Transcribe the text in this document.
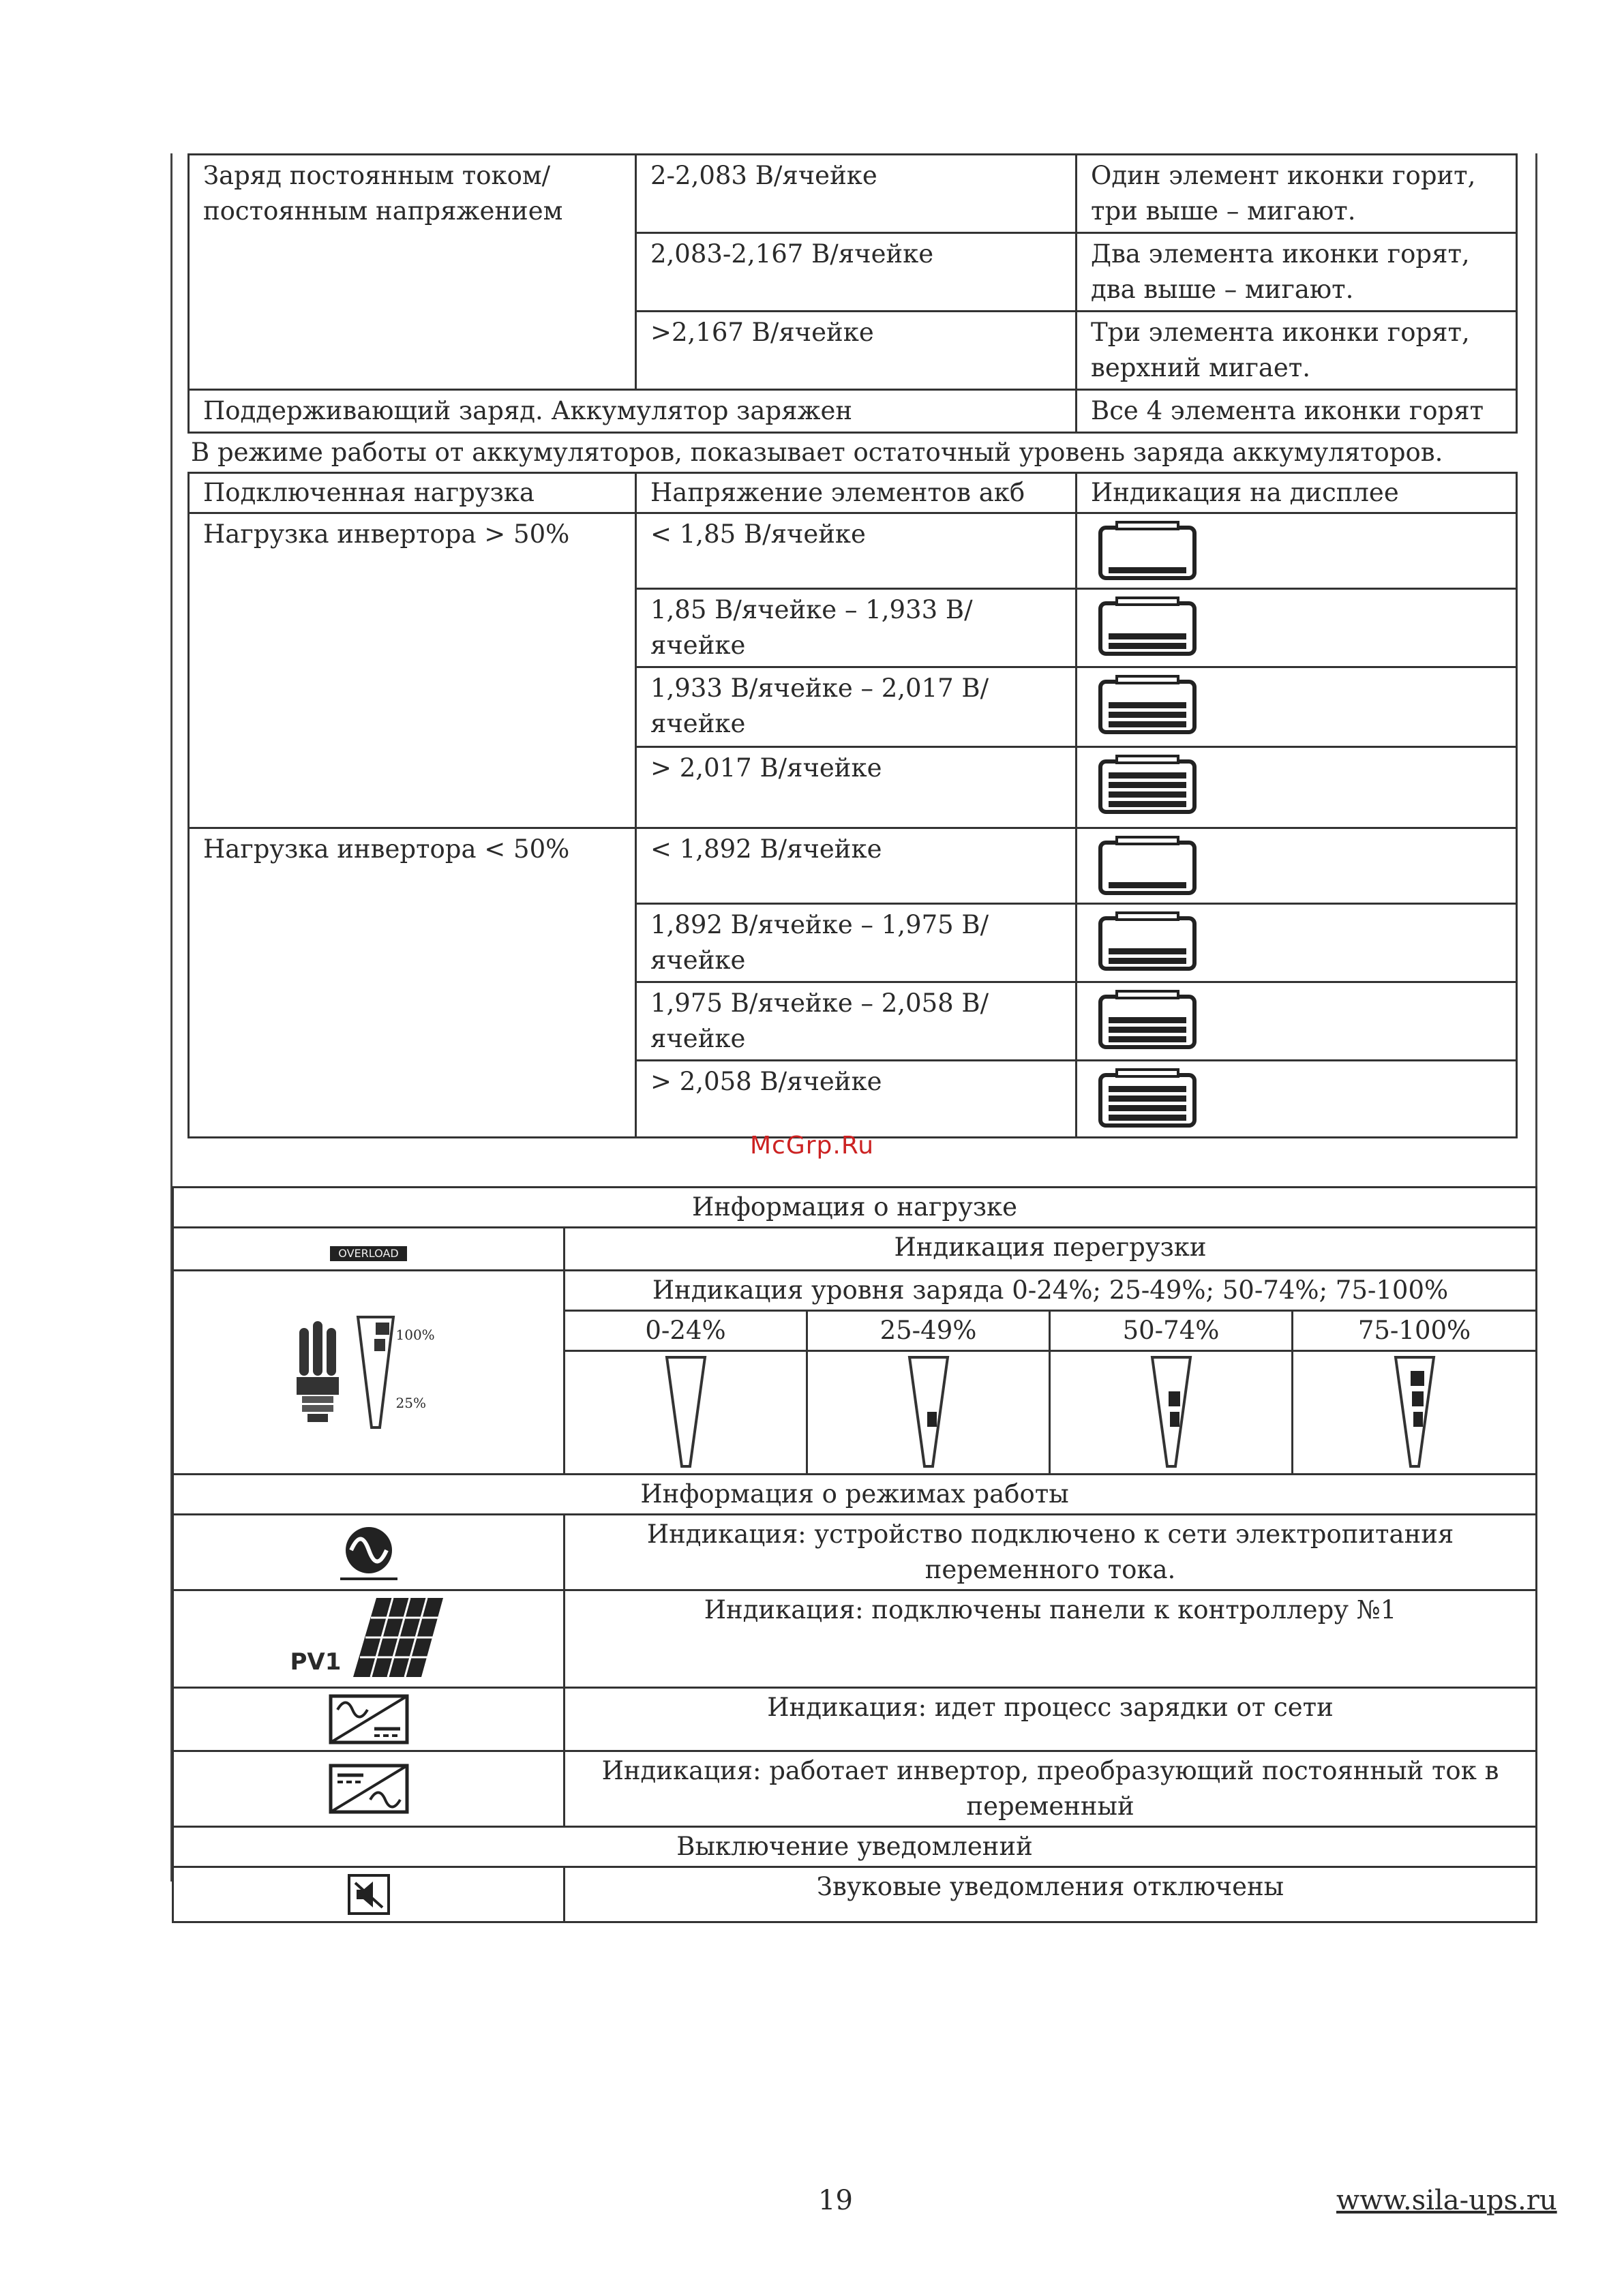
Заряд постоянным током/ постоянным напряжением	2-2,083 В/ячейке	Один элемент иконки горит, три выше – мигают.
	2,083-2,167 В/ячейке	Два элемента иконки горят, два выше – мигают.
	>2,167 В/ячейке	Три элемента иконки горят, верхний мигает.
Поддерживающий заряд. Аккумулятор заряжен		Все 4 элемента иконки горят
В режиме работы от аккумуляторов, показывает остаточный уровень заряда аккумуляторов.
Подключенная нагрузка	Напряжение элементов акб	Индикация на дисплее
Нагрузка инвертора > 50%	< 1,85 В/ячейке	

	1,85 В/ячейке – 1,933 В/ячейке	

	1,933 В/ячейке – 2,017 В/ячейке	

	> 2,017 В/ячейке	

Нагрузка инвертора < 50%	< 1,892 В/ячейке	

	1,892 В/ячейке – 1,975 В/ячейке	

	1,975 В/ячейке – 2,058 В/ячейке	

	> 2,058 В/ячейке	
McGrp.Ru
Информация о нагрузке				
OVERLOAD	Индикация перегрузки			

100%
25%	Индикация уровня заряда 0-24%; 25-49%; 50-74%; 75-100%			
	0-24%	25-49%	50-74%	75-100%

Информация о режимах работы				

	Индикация: устройство подключено к сети электропитания переменного тока.			

PV1	Индикация: подключены панели к контроллеру №1			

	Индикация: идет процесс зарядки от сети			

	Индикация: работает инвертор, преобразующий постоянный ток в переменный			
Выключение уведомлений				

	Звуковые уведомления отключены			
19	www.sila-ups.ru
